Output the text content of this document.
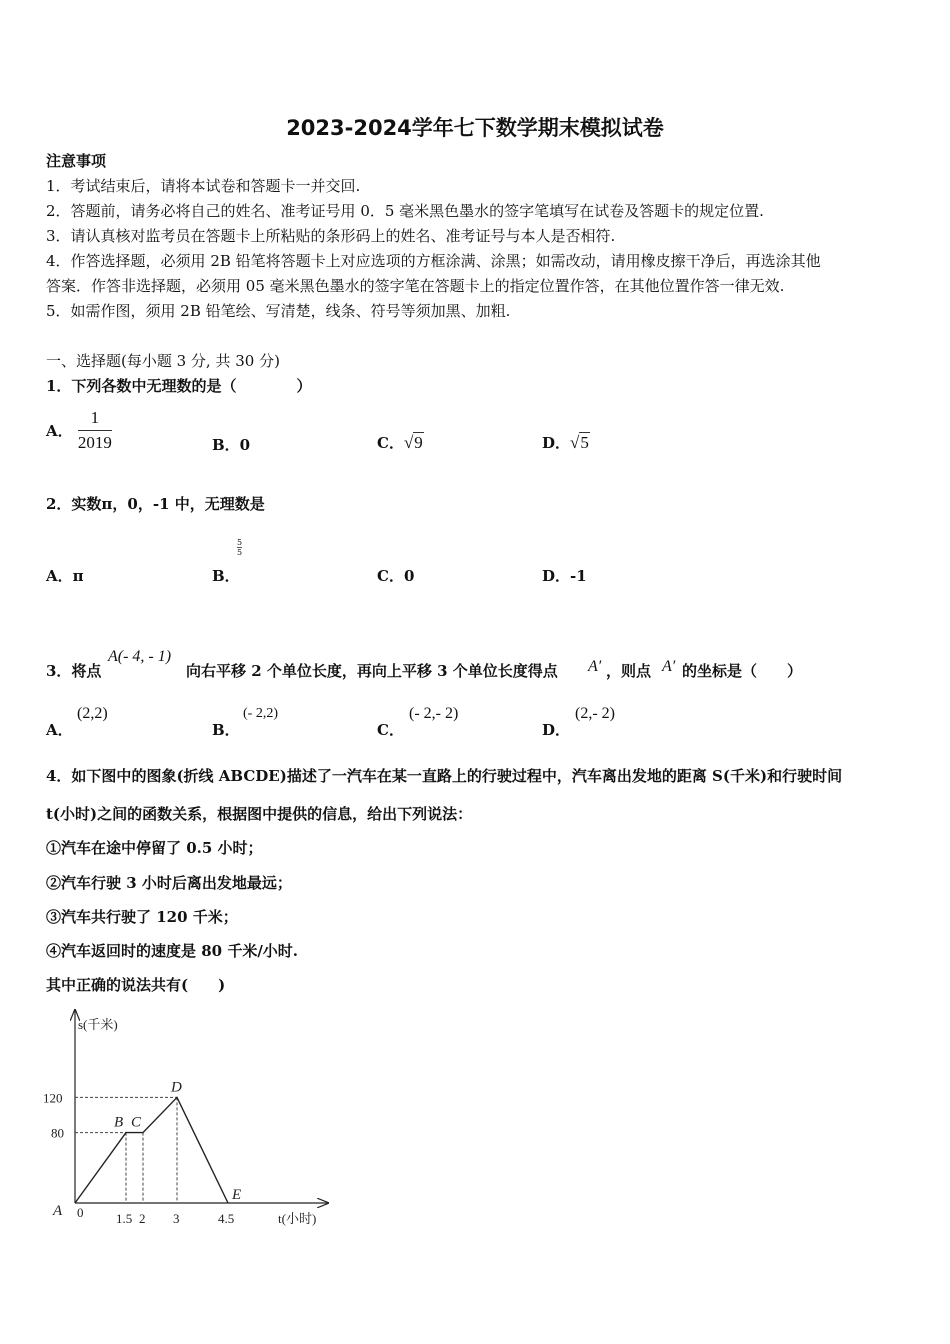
2023-2024学年七下数学期末模拟试卷
注意事项
1．考试结束后，请将本试卷和答题卡一并交回.
2．答题前，请务必将自己的姓名、准考证号用 0．5 毫米黑色墨水的签字笔填写在试卷及答题卡的规定位置.
3．请认真核对监考员在答题卡上所粘贴的条形码上的姓名、准考证号与本人是否相符.
4．作答选择题，必须用 2B 铅笔将答题卡上对应选项的方框涂满、涂黑；如需改动，请用橡皮擦干净后，再选涂其他
答案．作答非选择题，必须用 05 毫米黑色墨水的签字笔在答题卡上的指定位置作答，在其他位置作答一律无效.
5．如需作图，须用 2B 铅笔绘、写清楚，线条、符号等须加黑、加粗.
一、选择题(每小题 3 分, 共 30 分)
1．下列各数中无理数的是（　　　　）
A． $\frac{1}{2019}$	B．0	C．√9	D．√5
2．实数π，0，-1 中，无理数是
A．π	B．
$\frac{5}{5}$
C．0	D．-1
3．将点
A(- 4, - 1)
向右平移 2 个单位长度，再向上平移 3 个单位长度得点 A′ ，则点 A′ 的坐标是（　　）
A．
(2,2)
B．
(- 2,2)
C．
(- 2,- 2)
D．
(2,- 2)
4．如下图中的图象(折线 ABCDE)描述了一汽车在某一直路上的行驶过程中，汽车离出发地的距离 S(千米)和行驶时间
t(小时)之间的函数关系，根据图中提供的信息，给出下列说法：
①汽车在途中停留了 0.5 小时；
②汽车行驶 3 小时后离出发地最远；
③汽车共行驶了 120 千米；
④汽车返回时的速度是 80 千米/小时.
其中正确的说法共有(　　)
s(千米)
t(小时)
0	1.5 2 3	4.5
80
120
A
B C
D
E
